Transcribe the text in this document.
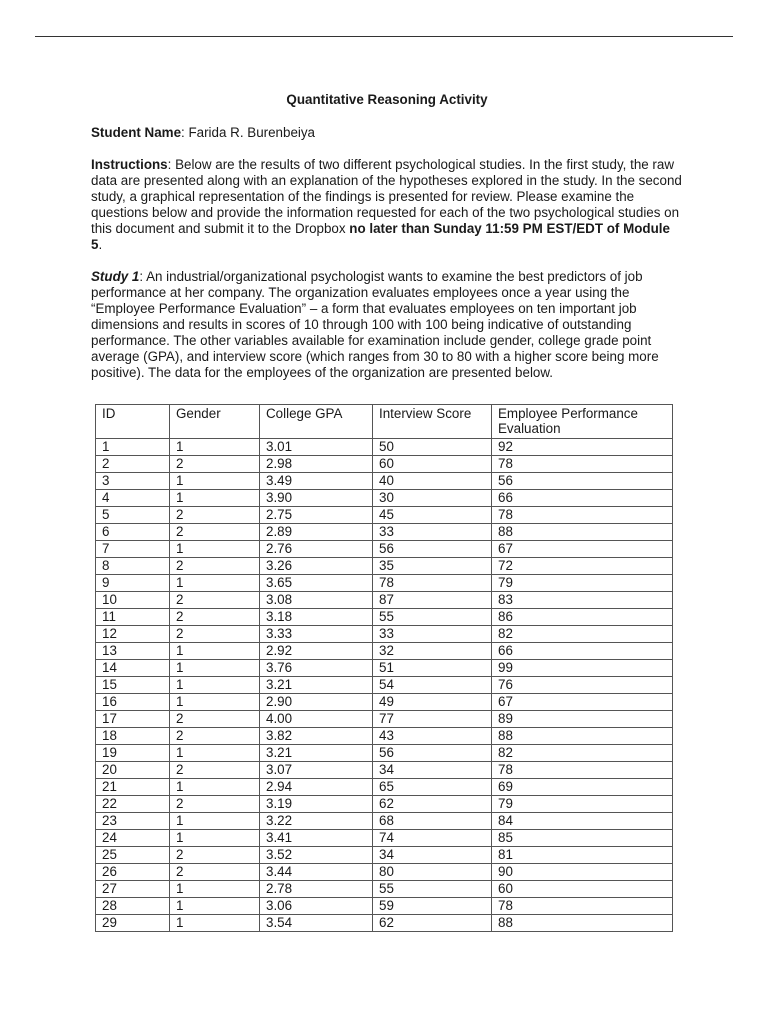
Quantitative Reasoning Activity

Student Name: Farida R. Burenbeiya

Instructions: Below are the results of two different psychological studies. In the first study, the raw data are presented along with an explanation of the hypotheses explored in the study. In the second study, a graphical representation of the findings is presented for review. Please examine the questions below and provide the information requested for each of the two psychological studies on this document and submit it to the Dropbox no later than Sunday 11:59 PM EST/EDT of Module 5.

Study 1: An industrial/organizational psychologist wants to examine the best predictors of job performance at her company. The organization evaluates employees once a year using the “Employee Performance Evaluation” – a form that evaluates employees on ten important job dimensions and results in scores of 10 through 100 with 100 being indicative of outstanding performance. The other variables available for examination include gender, college grade point average (GPA), and interview score (which ranges from 30 to 80 with a higher score being more positive). The data for the employees of the organization are presented below.

ID	Gender	College GPA	Interview Score	Employee Performance Evaluation
1	1	3.01	50	92
2	2	2.98	60	78
3	1	3.49	40	56
4	1	3.90	30	66
5	2	2.75	45	78
6	2	2.89	33	88
7	1	2.76	56	67
8	2	3.26	35	72
9	1	3.65	78	79
10	2	3.08	87	83
11	2	3.18	55	86
12	2	3.33	33	82
13	1	2.92	32	66
14	1	3.76	51	99
15	1	3.21	54	76
16	1	2.90	49	67
17	2	4.00	77	89
18	2	3.82	43	88
19	1	3.21	56	82
20	2	3.07	34	78
21	1	2.94	65	69
22	2	3.19	62	79
23	1	3.22	68	84
24	1	3.41	74	85
25	2	3.52	34	81
26	2	3.44	80	90
27	1	2.78	55	60
28	1	3.06	59	78
29	1	3.54	62	88
